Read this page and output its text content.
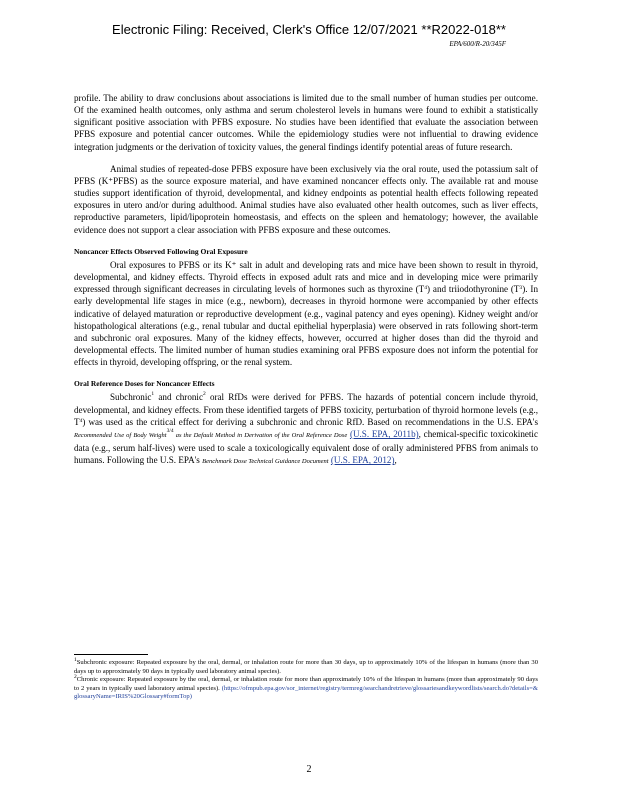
Electronic Filing: Received, Clerk's Office 12/07/2021 **R2022-018**
EPA/600/R-20/345F

profile. The ability to draw conclusions about associations is limited due to the small number of human studies per outcome. Of the examined health outcomes, only asthma and serum cholesterol levels in humans were found to exhibit a statistically significant positive association with PFBS exposure. No studies have been identified that evaluate the association between PFBS exposure and potential cancer outcomes. While the epidemiology studies were not influential to drawing evidence integration judgments or the derivation of toxicity values, the general findings identify potential areas of future research.

Animal studies of repeated-dose PFBS exposure have been exclusively via the oral route, used the potassium salt of PFBS (K⁺PFBS) as the source exposure material, and have examined noncancer effects only. The available rat and mouse studies support identification of thyroid, developmental, and kidney endpoints as potential health effects following repeated exposures in utero and/or during adulthood. Animal studies have also evaluated other health outcomes, such as liver effects, reproductive parameters, lipid/lipoprotein homeostasis, and effects on the spleen and hematology; however, the available evidence does not support a clear association with PFBS exposure and these outcomes.

Noncancer Effects Observed Following Oral Exposure

Oral exposures to PFBS or its K⁺ salt in adult and developing rats and mice have been shown to result in thyroid, developmental, and kidney effects. Thyroid effects in exposed adult rats and mice and in developing mice were primarily expressed through significant decreases in circulating levels of hormones such as thyroxine $(T^4)$ and triiodothyronine $(T^3)$. In early developmental life stages in mice (e.g., newborn), decreases in thyroid hormone were accompanied by other effects indicative of delayed maturation or reproductive development (e.g., vaginal patency and eyes opening). Kidney weight and/or histopathological alterations (e.g., renal tubular and ductal epithelial hyperplasia) were observed in rats following short-term and subchronic oral exposures. Many of the kidney effects, however, occurred at higher doses than did the thyroid and developmental effects. The limited number of human studies examining oral PFBS exposure does not inform the potential for effects in thyroid, developing offspring, or the renal system.

Oral Reference Doses for Noncancer Effects

Subchronic$^1$ and chronic$^2$ oral RfDs were derived for PFBS. The hazards of potential concern include thyroid, developmental, and kidney effects. From these identified targets of PFBS toxicity, perturbation of thyroid hormone levels (e.g., $T^4$) was used as the critical effect for deriving a subchronic and chronic RfD. Based on recommendations in the U.S. EPA's Recommended Use of Body Weight$^{3/4}$ as the Default Method in Derivation of the Oral Reference Dose (U.S. EPA, 2011b), chemical-specific toxicokinetic data (e.g., serum half-lives) were used to scale a toxicologically equivalent dose of orally administered PFBS from animals to humans. Following the U.S. EPA's Benchmark Dose Technical Guidance Document (U.S. EPA, 2012),

$^1$Subchronic exposure: Repeated exposure by the oral, dermal, or inhalation route for more than 30 days, up to approximately 10% of the lifespan in humans (more than 30 days up to approximately 90 days in typically used laboratory animal species).

$^2$Chronic exposure: Repeated exposure by the oral, dermal, or inhalation route for more than approximately 10% of the lifespan in humans (more than approximately 90 days to 2 years in typically used laboratory animal species). (https://ofmpub.epa.gov/sor_internet/registry/termreg/searchandretrieve/glossariesandkeywordlists/search.do?details=&glossaryName=IRIS%20Glossary#formTop)

2
